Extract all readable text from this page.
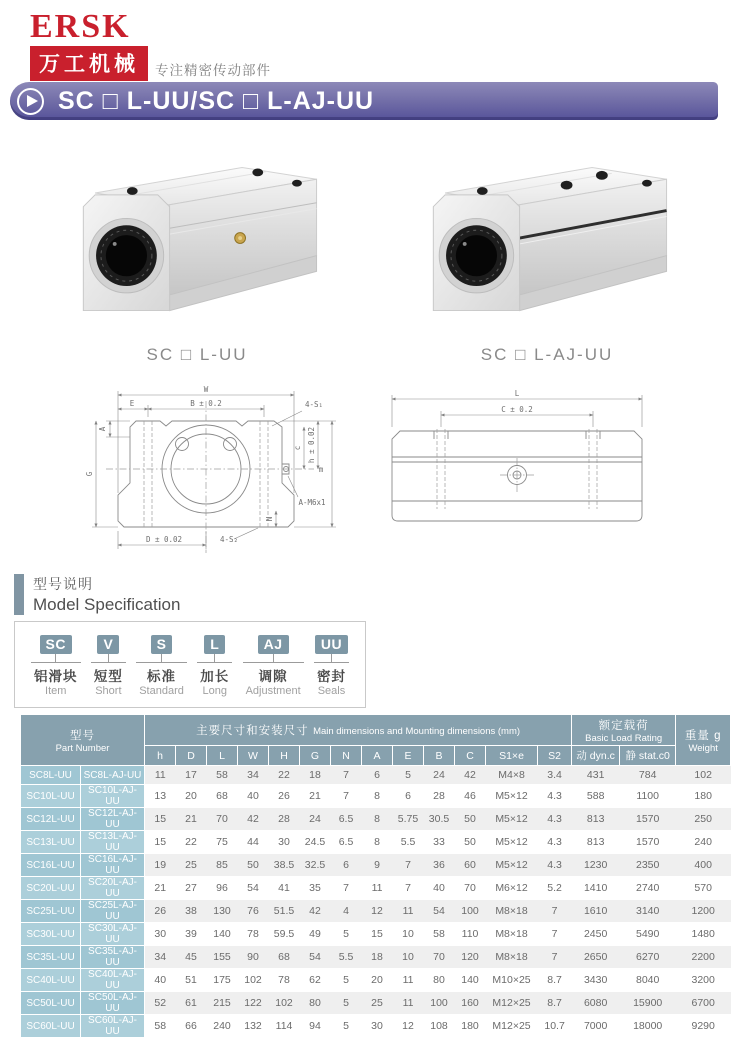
ERSK
万工机械	专注精密传动部件
SC □ L-UU/SC □ L-AJ-UU
SC □ L-UU	SC □ L-AJ-UU
W
E	B ± 0.2	4-S₁
A
G
c h ± 0.02
N
m
A-M6x1
D ± 0.02	4-S₂
L
C ± 0.2
型号说明
Model Specification
SC
铝滑块
Item
V
短型
Short
S
标准
Standard
L
加长
Long
AJ
调隙
Adjustment
UU
密封
Seals
型号
Part Number
	主要尺寸和安装尺寸 Main dimensions and Mounting dimensions (mm)	额定载荷
Basic Load Rating	重量 g
Weight

		h	D	L	W	H	G	N	A	E	B	C	S1×e	S2	动 dyn.c	静 stat.c0	
SC8L-UU	SC8L-AJ-UU	11	17	58	34	22	18	7	6	5	24	42	M4×8	3.4	431	784	102
SC10L-UU	SC10L-AJ-UU	13	20	68	40	26	21	7	8	6	28	46	M5×12	4.3	588	1100	180
SC12L-UU	SC12L-AJ-UU	15	21	70	42	28	24	6.5	8	5.75	30.5	50	M5×12	4.3	813	1570	250
SC13L-UU	SC13L-AJ-UU	15	22	75	44	30	24.5	6.5	8	5.5	33	50	M5×12	4.3	813	1570	240
SC16L-UU	SC16L-AJ-UU	19	25	85	50	38.5	32.5	6	9	7	36	60	M5×12	4.3	1230	2350	400
SC20L-UU	SC20L-AJ-UU	21	27	96	54	41	35	7	11	7	40	70	M6×12	5.2	1410	2740	570
SC25L-UU	SC25L-AJ-UU	26	38	130	76	51.5	42	4	12	11	54	100	M8×18	7	1610	3140	1200
SC30L-UU	SC30L-AJ-UU	30	39	140	78	59.5	49	5	15	10	58	110	M8×18	7	2450	5490	1480
SC35L-UU	SC35L-AJ-UU	34	45	155	90	68	54	5.5	18	10	70	120	M8×18	7	2650	6270	2200
SC40L-UU	SC40L-AJ-UU	40	51	175	102	78	62	5	20	11	80	140	M10×25	8.7	3430	8040	3200
SC50L-UU	SC50L-AJ-UU	52	61	215	122	102	80	5	25	11	100	160	M12×25	8.7	6080	15900	6700
SC60L-UU	SC60L-AJ-UU	58	66	240	132	114	94	5	30	12	108	180	M12×25	10.7	7000	18000	9290
